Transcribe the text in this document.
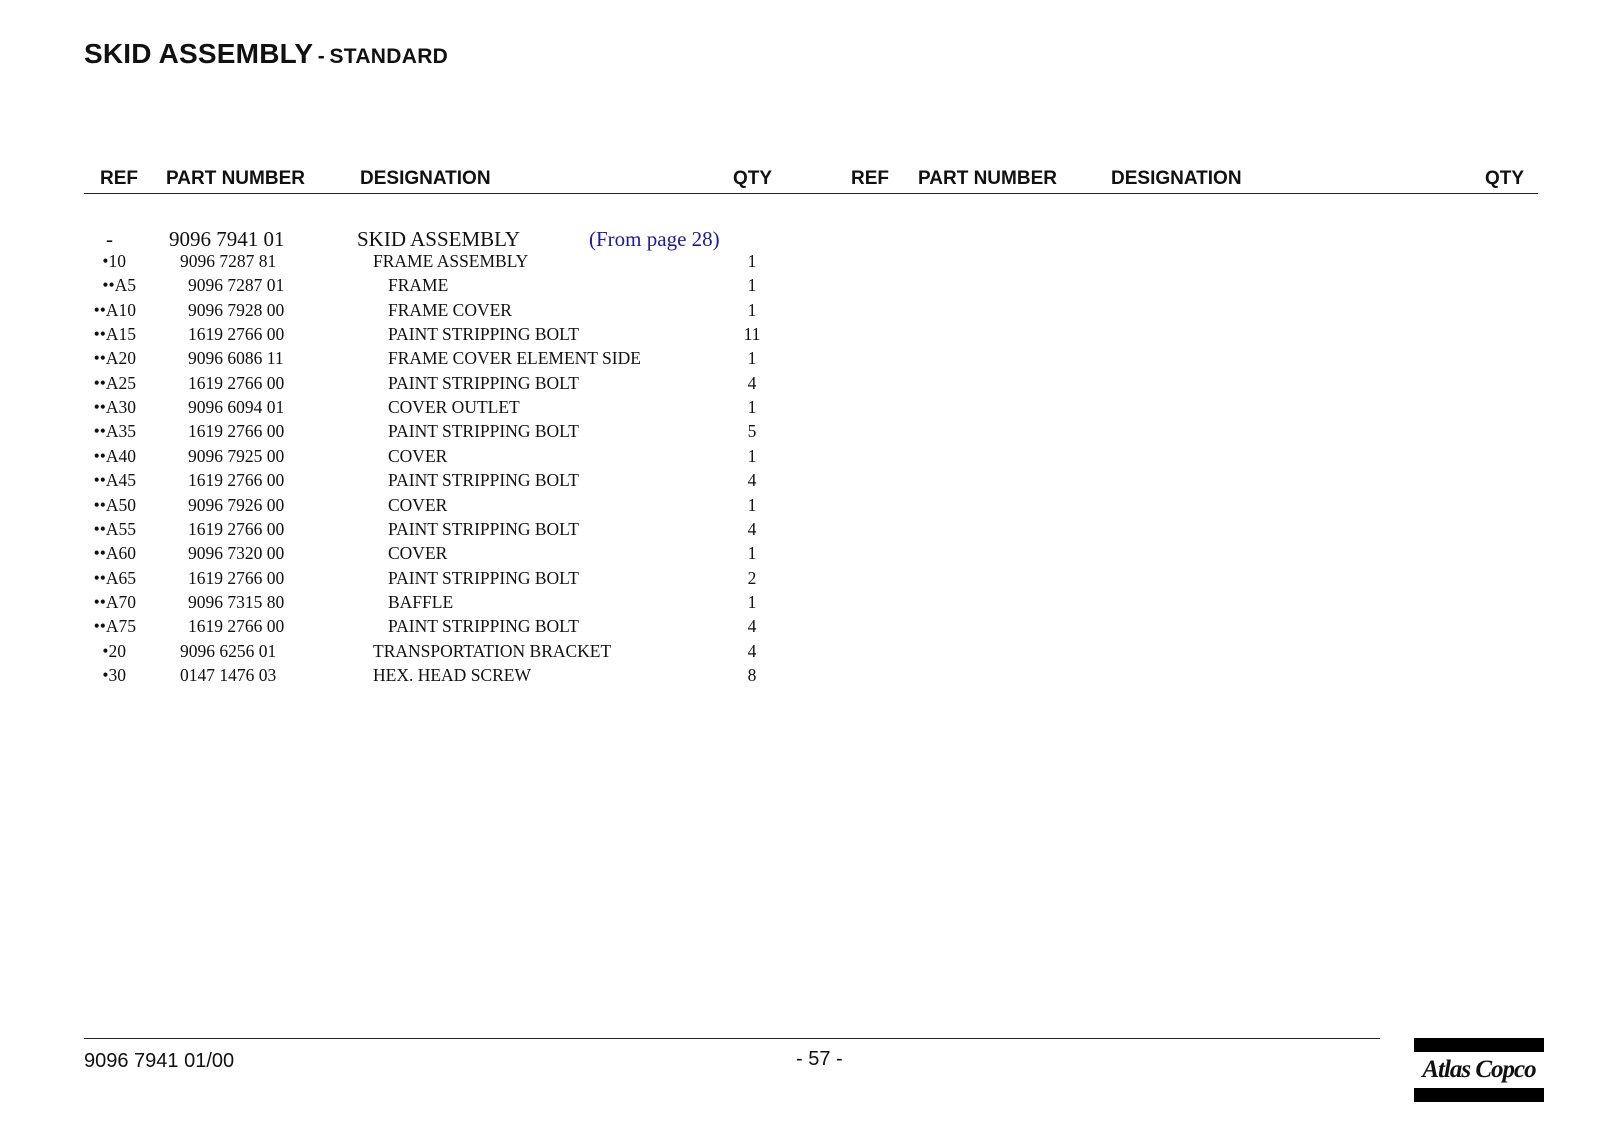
SKID ASSEMBLY - STANDARD
REF PART NUMBER	DESIGNATION	QTY	REF PART NUMBER	DESIGNATION	QTY
-	9096 7941 01	SKID ASSEMBLY	(From page 28)
•10	9096 7287 81	FRAME ASSEMBLY	1
••A5	9096 7287 01	FRAME	1
••A10	9096 7928 00	FRAME COVER	1
••A15	1619 2766 00	PAINT STRIPPING BOLT	11
••A20	9096 6086 11	FRAME COVER ELEMENT SIDE	1
••A25	1619 2766 00	PAINT STRIPPING BOLT	4
••A30	9096 6094 01	COVER OUTLET	1
••A35	1619 2766 00	PAINT STRIPPING BOLT	5
••A40	9096 7925 00	COVER	1
••A45	1619 2766 00	PAINT STRIPPING BOLT	4
••A50	9096 7926 00	COVER	1
••A55	1619 2766 00	PAINT STRIPPING BOLT	4
••A60	9096 7320 00	COVER	1
••A65	1619 2766 00	PAINT STRIPPING BOLT	2
••A70	9096 7315 80	BAFFLE	1
••A75	1619 2766 00	PAINT STRIPPING BOLT	4
•20	9096 6256 01	TRANSPORTATION BRACKET	4
•30	0147 1476 03	HEX. HEAD SCREW	8
9096 7941 01/00	- 57 -	Atlas Copco
